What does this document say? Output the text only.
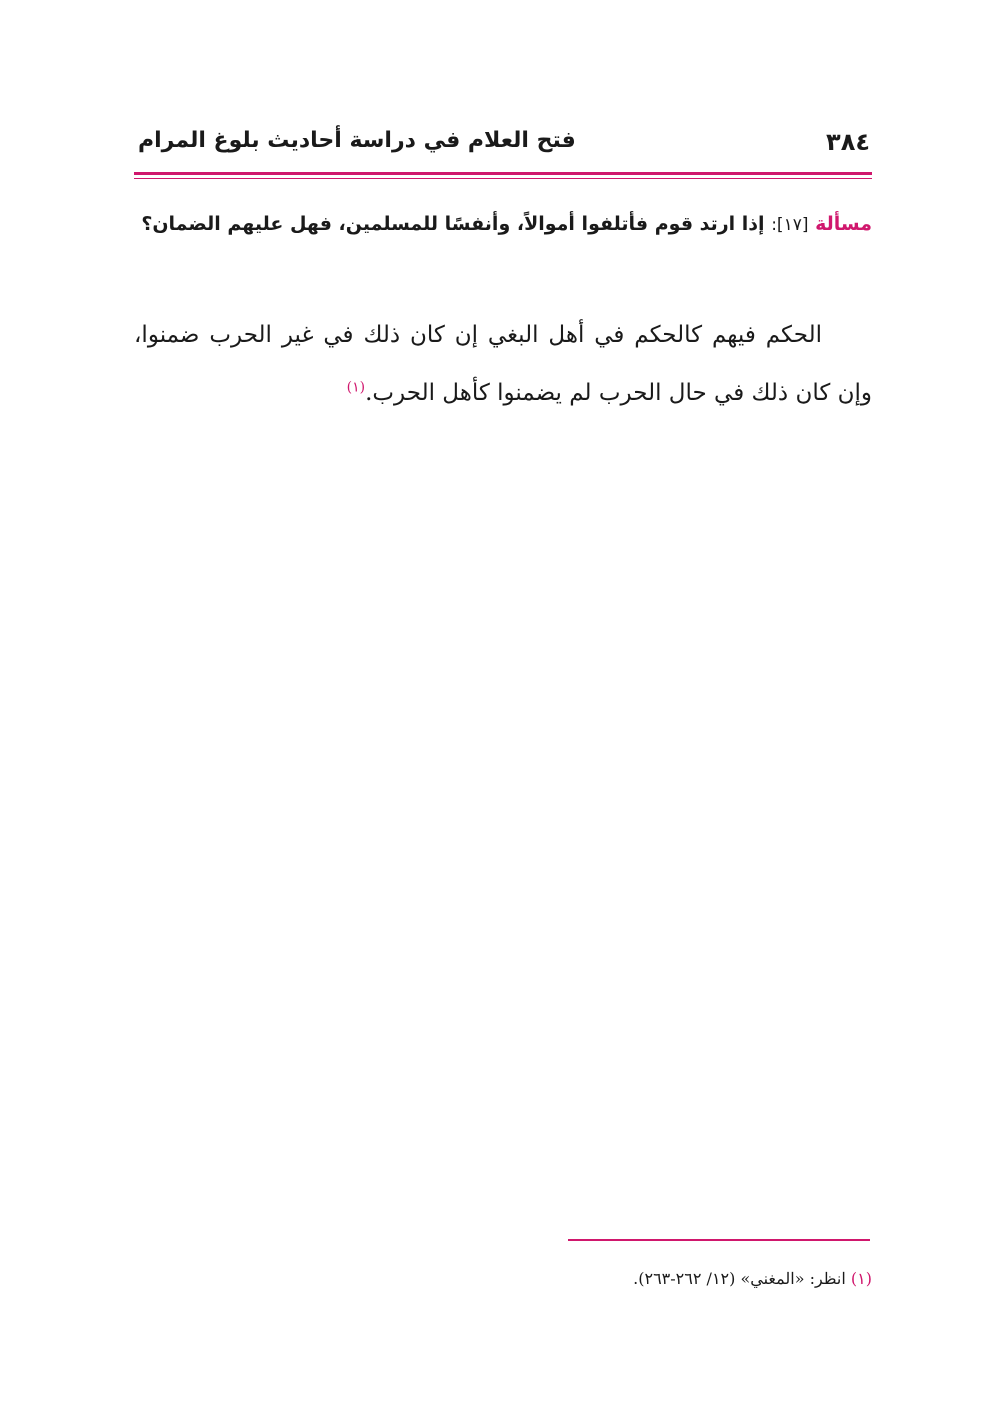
٣٨٤
فتح العلام في دراسة أحاديث بلوغ المرام
مسألة [١٧]: إذا ارتد قوم فأتلفوا أموالاً، وأنفسًا للمسلمين، فهل عليهم الضمان؟
الحكم فيهم كالحكم في أهل البغي إن كان ذلك في غير الحرب ضمنوا، وإن كان ذلك في حال الحرب لم يضمنوا كأهل الحرب.$^{(١)}$
(١) انظر: «المغني» (١٢/ ٢٦٢-٢٦٣).
